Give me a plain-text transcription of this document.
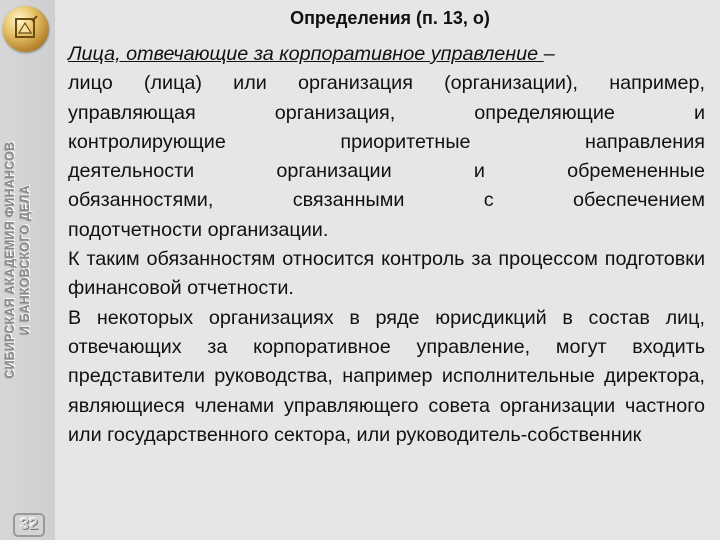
СИБИРСКАЯ АКАДЕМИЯ ФИНАНСОВ И БАНКОВСКОГО ДЕЛА
32
Определения (п. 13, о)

Лица, отвечающие за корпоративное управление –

лицо (лица) или организация (организации), например,

управляющая организация, определяющие и

контролирующие приоритетные направления

деятельности организации и обремененные

обязанностями, связанными с обеспечением

подотчетности организации.

К таким обязанностям относится контроль за процессом подготовки финансовой отчетности.

В некоторых организациях в ряде юрисдикций в состав лиц, отвечающих за корпоративное управление, могут входить представители руководства, например исполнительные директора, являющиеся членами управляющего совета организации частного или государственного сектора, или руководитель-собственник
